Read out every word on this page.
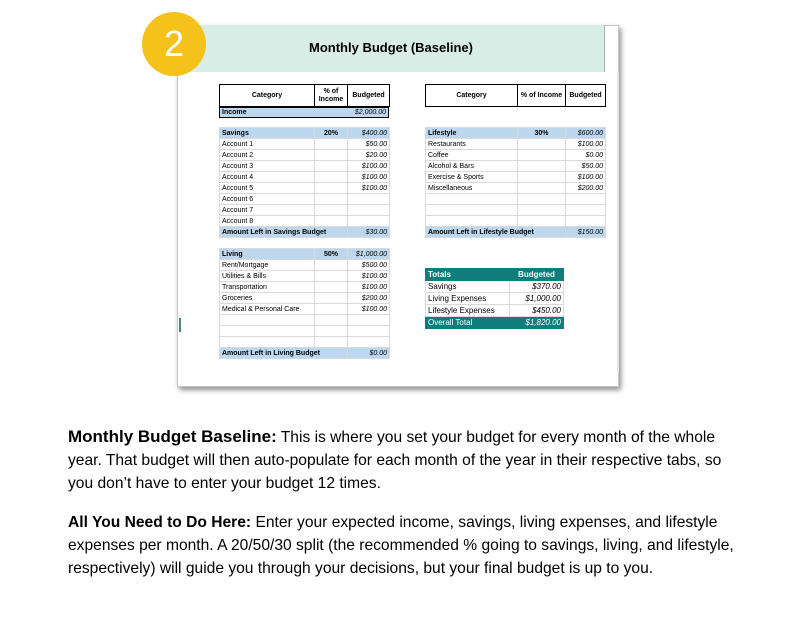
Monthly Budget (Baseline)
2
Category	% of Income	Budgeted
Income	$2,000.00
Category	% of Income	Budgeted
Savings	20%	$400.00
Account 1		$50.00
Account 2		$20.00
Account 3		$100.00
Account 4		$100.00
Account 5		$100.00
Account 6		
Account 7		
Account 8		
Amount Left in Savings Budget		$30.00
Lifestyle	30%	$600.00
Restaurants		$100.00
Coffee		$0.00
Alcohol & Bars		$50.00
Exercise & Sports		$100.00
Miscellaneous		$200.00

Amount Left in Lifestyle Budget		$150.00
Living	50%	$1,000.00
Rent/Mortgage		$500.00
Utilities & Bills		$100.00
Transportation		$100.00
Groceries		$200.00
Medical & Personal Care		$100.00

Amount Left in Living Budget		$0.00
Totals	Budgeted
Savings	$370.00
Living Expenses	$1,000.00
Lifestyle Expenses	$450.00
Overall Total	$1,820.00
Monthly Budget Baseline: This is where you set your budget for every month of the whole year. That budget will then auto-populate for each month of the year in their respective tabs, so you don’t have to enter your budget 12 times.
All You Need to Do Here: Enter your expected income, savings, living expenses, and lifestyle expenses per month. A 20/50/30 split (the recommended % going to savings, living, and lifestyle, respectively) will guide you through your decisions, but your final budget is up to you.
